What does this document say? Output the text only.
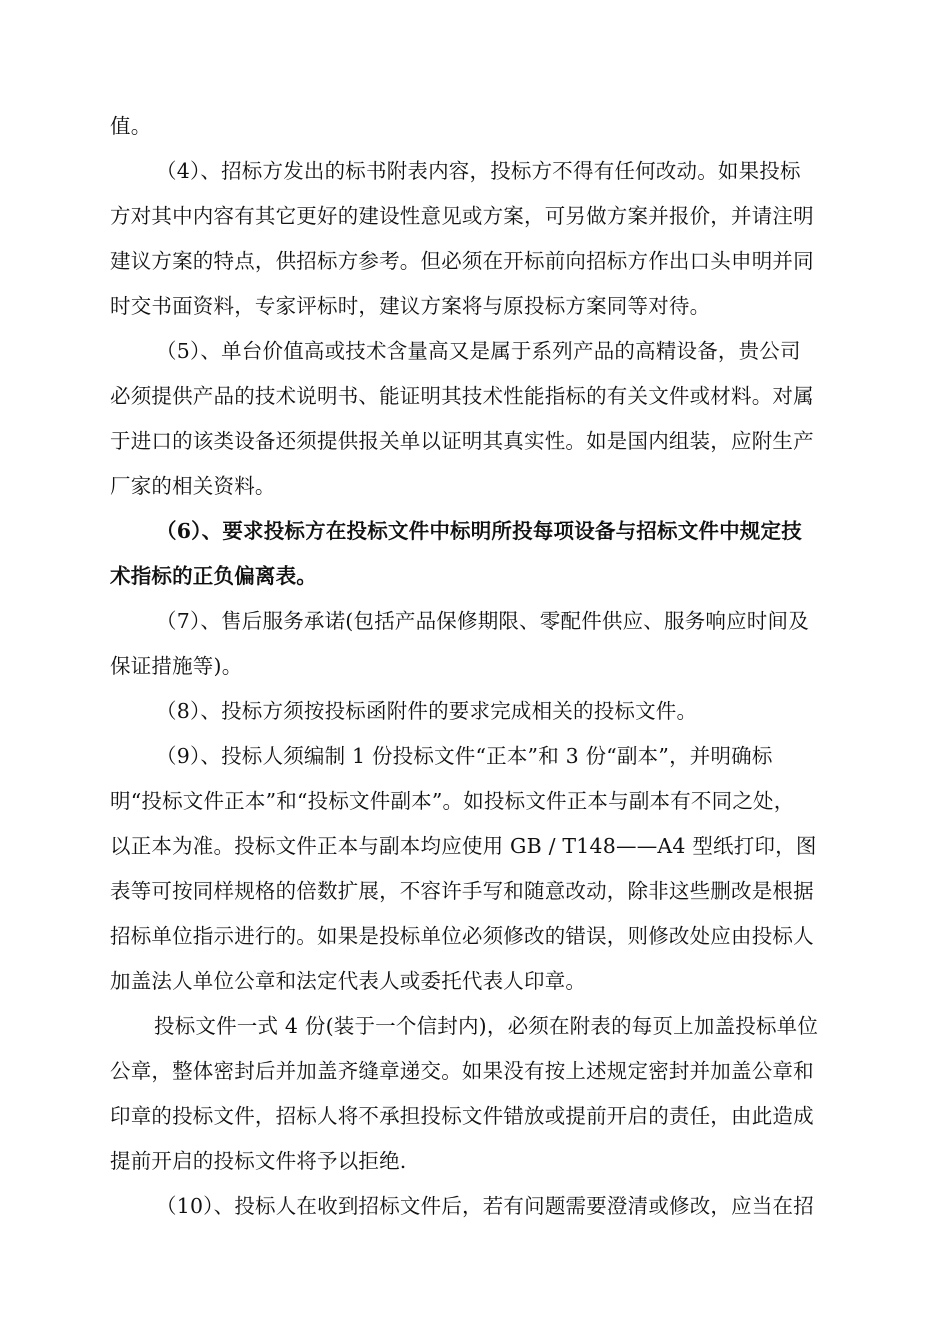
值。
（4）、招标方发出的标书附表内容，投标方不得有任何改动。如果投标
方对其中内容有其它更好的建设性意见或方案，可另做方案并报价，并请注明
建议方案的特点，供招标方参考。但必须在开标前向招标方作出口头申明并同
时交书面资料，专家评标时，建议方案将与原投标方案同等对待。
（5）、单台价值高或技术含量高又是属于系列产品的高精设备，贵公司
必须提供产品的技术说明书、能证明其技术性能指标的有关文件或材料。对属
于进口的该类设备还须提供报关单以证明其真实性。如是国内组装，应附生产
厂家的相关资料。
（6）、要求投标方在投标文件中标明所投每项设备与招标文件中规定技
术指标的正负偏离表。
（7）、售后服务承诺(包括产品保修期限、零配件供应、服务响应时间及
保证措施等)。
（8）、投标方须按投标函附件的要求完成相关的投标文件。
（9）、投标人须编制 1 份投标文件“正本”和 3 份“副本”，并明确标
明“投标文件正本”和“投标文件副本”。如投标文件正本与副本有不同之处，
以正本为准。投标文件正本与副本均应使用 GB / T148——A4 型纸打印，图
表等可按同样规格的倍数扩展，不容许手写和随意改动，除非这些删改是根据
招标单位指示进行的。如果是投标单位必须修改的错误，则修改处应由投标人
加盖法人单位公章和法定代表人或委托代表人印章。
投标文件一式 4 份(装于一个信封内)，必须在附表的每页上加盖投标单位
公章，整体密封后并加盖齐缝章递交。如果没有按上述规定密封并加盖公章和
印章的投标文件，招标人将不承担投标文件错放或提前开启的责任，由此造成
提前开启的投标文件将予以拒绝.
（10）、投标人在收到招标文件后，若有问题需要澄清或修改，应当在招
